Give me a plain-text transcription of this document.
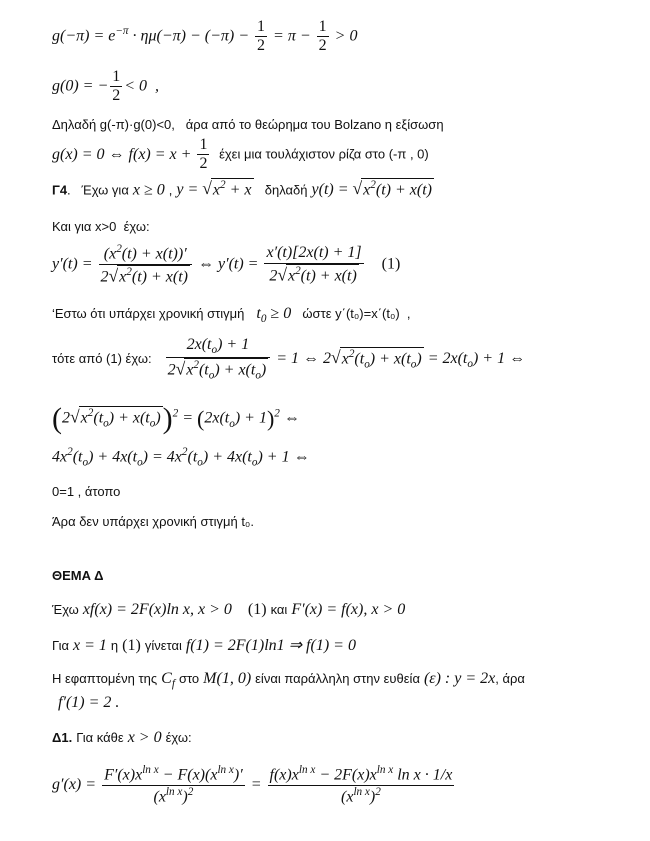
$g(-\pi) = e^{-\pi} \cdot \eta\mu(-\pi) - (-\pi) - \frac{1}{2} = \pi - \frac{1}{2} > 0$
g(0) = − $\frac{1}{2} < 0$  ,
Δηλαδή g(-π)·g(0)<0,   άρα από το θεώρημα του Bolzano η εξίσωση
g(x) = 0 ⇔ $f(x) = x + \frac{1}{2}$ έχει μια τουλάχιστον ρίζα στο (-π , 0)
Γ4.   Έχω για x ≥ 0 , $y = √x^2 + x$   δηλαδή $y(t) = √x^2(t) + x(t)$
Και για x>0  έχω:
$y'(t) = \frac{(x^2(t) + x(t))'}{2√x^2(t) + x(t)}$ ⇔ $y'(t) = \frac{x'(t)[2x(t) + 1]}{2√x^2(t) + x(t)} (1)$
‘Εστω ότι υπάρχει χρονική στιγμή $t_0 \ge 0$   ώστε y΄(t₀)=x΄(t₀)  ,
τότε από (1) έχω: $\frac{2x(t_o) + 1}{2√x^2(t_o) + x(t_o)} = 1$ ⇔ $2√x^2(t_o) + x(t_o) = 2x(t_o) + 1$ ⇔
$(2√x^2(t_o) + x(t_o))^2 = (2x(t_o) + 1)^2$ ⇔
$4x^2(t_o) + 4x(t_o) = 4x^2(t_o) + 4x(t_o) + 1$ ⇔
0=1 , άτοπο
Άρα δεν υπάρχει χρονική στιγμή t₀.
ΘΕΜΑ Δ
Έχω xf(x) = 2F(x)ln x, x > 0    (1) και F′(x) = f(x), x > 0
Για x = 1 η (1) γίνεται f(1) = 2F(1)ln1 ⇒ f(1) = 0
Η εφαπτομένη της $C_f$ στο M(1, 0) είναι παράλληλη στην ευθεία (ε) : y = 2x, άρα
f′(1) = 2 .
Δ1. Για κάθε x > 0 έχω:
$g'(x) = \frac{F'(x)x^{ln x} - F(x)(x^{ln x})'}{(x^{ln x})^2} = \frac{f(x)x^{ln x} - 2F(x)x^{ln x} \ln x \cdot 1/x}{(x^{ln x})^2}$
